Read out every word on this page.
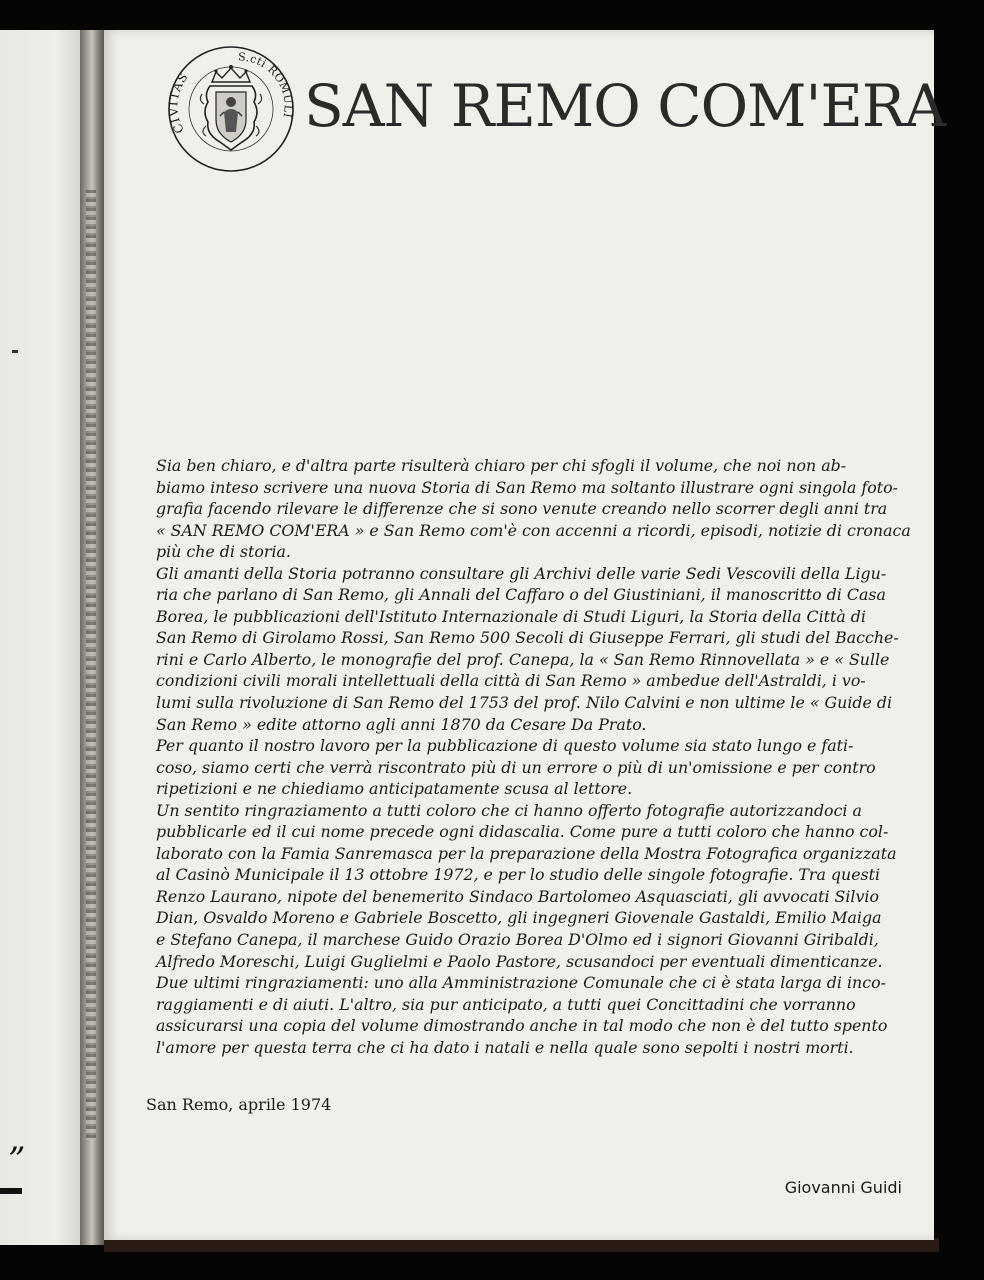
”
CIVITAS
S.cti ROMULI SAN REMO COM'ERA
Sia ben chiaro, e d'altra parte risulterà chiaro per chi sfogli il volume, che noi non ab-
biamo inteso scrivere una nuova Storia di San Remo ma soltanto illustrare ogni singola foto-
grafia facendo rilevare le differenze che si sono venute creando nello scorrer degli anni tra
« SAN REMO COM'ERA » e San Remo com'è con accenni a ricordi, episodi, notizie di cronaca
più che di storia.
Gli amanti della Storia potranno consultare gli Archivi delle varie Sedi Vescovili della Ligu-
ria che parlano di San Remo, gli Annali del Caffaro o del Giustiniani, il manoscritto di Casa
Borea, le pubblicazioni dell'Istituto Internazionale di Studi Liguri, la Storia della Città di
San Remo di Girolamo Rossi, San Remo 500 Secoli di Giuseppe Ferrari, gli studi del Bacche-
rini e Carlo Alberto, le monografie del prof. Canepa, la « San Remo Rinnovellata » e « Sulle
condizioni civili morali intellettuali della città di San Remo » ambedue dell'Astraldi, i vo-
lumi sulla rivoluzione di San Remo del 1753 del prof. Nilo Calvini e non ultime le « Guide di
San Remo » edite attorno agli anni 1870 da Cesare Da Prato.
Per quanto il nostro lavoro per la pubblicazione di questo volume sia stato lungo e fati-
coso, siamo certi che verrà riscontrato più di un errore o più di un'omissione e per contro
ripetizioni e ne chiediamo anticipatamente scusa al lettore.
Un sentito ringraziamento a tutti coloro che ci hanno offerto fotografie autorizzandoci a
pubblicarle ed il cui nome precede ogni didascalia. Come pure a tutti coloro che hanno col-
laborato con la Famia Sanremasca per la preparazione della Mostra Fotografica organizzata
al Casinò Municipale il 13 ottobre 1972, e per lo studio delle singole fotografie. Tra questi
Renzo Laurano, nipote del benemerito Sindaco Bartolomeo Asquasciati, gli avvocati Silvio
Dian, Osvaldo Moreno e Gabriele Boscetto, gli ingegneri Giovenale Gastaldi, Emilio Maiga
e Stefano Canepa, il marchese Guido Orazio Borea D'Olmo ed i signori Giovanni Giribaldi,
Alfredo Moreschi, Luigi Guglielmi e Paolo Pastore, scusandoci per eventuali dimenticanze.
Due ultimi ringraziamenti: uno alla Amministrazione Comunale che ci è stata larga di inco-
raggiamenti e di aiuti. L'altro, sia pur anticipato, a tutti quei Concittadini che vorranno
assicurarsi una copia del volume dimostrando anche in tal modo che non è del tutto spento
l'amore per questa terra che ci ha dato i natali e nella quale sono sepolti i nostri morti.
San Remo, aprile 1974
Giovanni Guidi
